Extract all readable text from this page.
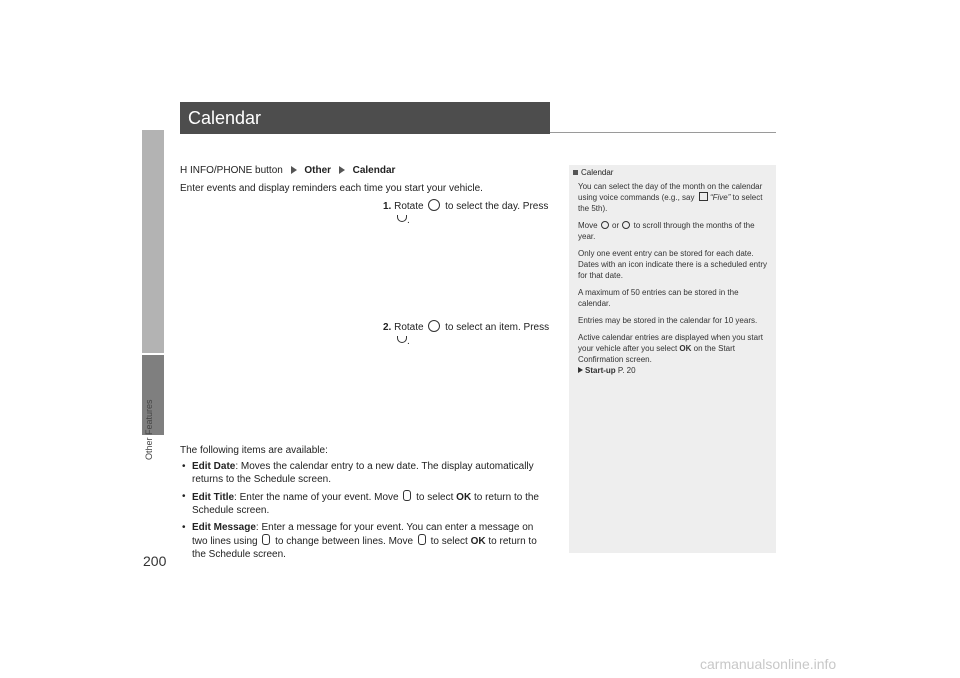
Other Features
200
Calendar
H INFO/PHONE button Other Calendar
Enter events and display reminders each time you start your vehicle.
1. Rotate to select the day. Press
.
2. Rotate to select an item. Press
.
The following items are available:
• Edit Date: Moves the calendar entry to a new date. The display automatically returns to the Schedule screen.
• Edit Title: Enter the name of your event. Move to select OK to return to the Schedule screen.
• Edit Message: Enter a message for your event. You can enter a message on two lines using to change between lines. Move to select OK to return to the Schedule screen.
Calendar

You can select the day of the month on the calendar using voice commands (e.g., say “Five” to select the 5th).

Move or to scroll through the months of the year.

Only one event entry can be stored for each date. Dates with an icon indicate there is a scheduled entry for that date.

A maximum of 50 entries can be stored in the calendar.

Entries may be stored in the calendar for 10 years.

Active calendar entries are displayed when you start your vehicle after you select OK on the Start Confirmation screen.
Start-up P. 20

carmanualsonline.info
